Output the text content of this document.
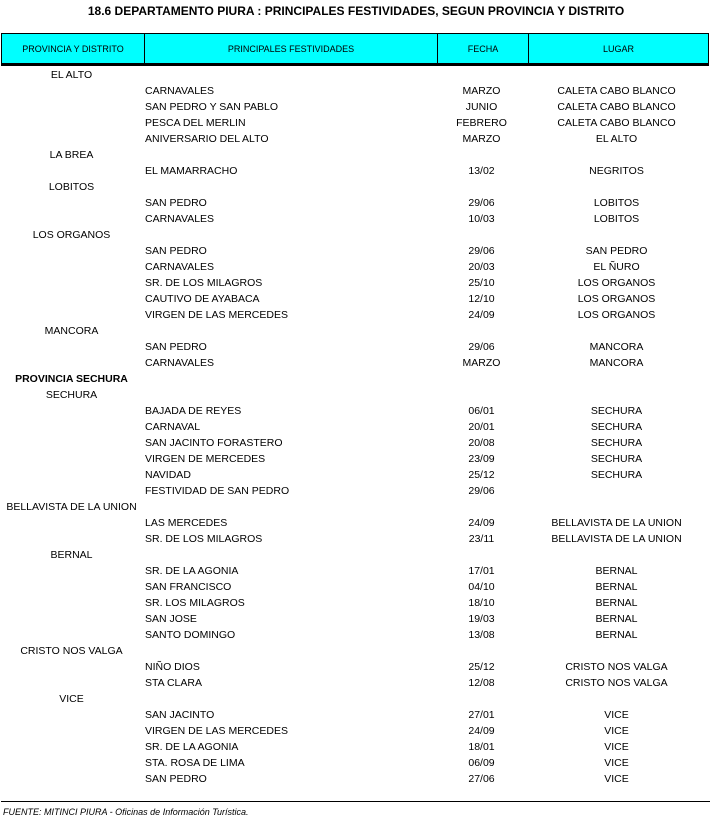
18.6 DEPARTAMENTO PIURA : PRINCIPALES FESTIVIDADES, SEGUN PROVINCIA Y DISTRITO
PROVINCIA Y DISTRITO	PRINCIPALES FESTIVIDADES	FECHA	LUGAR
EL ALTO
CARNAVALES	MARZO	CALETA CABO BLANCO
SAN PEDRO Y SAN PABLO	JUNIO	CALETA CABO BLANCO
PESCA DEL MERLIN	FEBRERO	CALETA CABO BLANCO
ANIVERSARIO DEL ALTO	MARZO	EL ALTO
LA BREA
EL MAMARRACHO	13/02	NEGRITOS
LOBITOS
SAN PEDRO	29/06	LOBITOS
CARNAVALES	10/03	LOBITOS
LOS ORGANOS
SAN PEDRO	29/06	SAN PEDRO
CARNAVALES	20/03	EL ÑURO
SR. DE LOS MILAGROS	25/10	LOS ORGANOS
CAUTIVO DE AYABACA	12/10	LOS ORGANOS
VIRGEN DE LAS MERCEDES	24/09	LOS ORGANOS
MANCORA
SAN PEDRO	29/06	MANCORA
CARNAVALES	MARZO	MANCORA
PROVINCIA SECHURA
SECHURA
BAJADA DE REYES	06/01	SECHURA
CARNAVAL	20/01	SECHURA
SAN JACINTO FORASTERO	20/08	SECHURA
VIRGEN DE MERCEDES	23/09	SECHURA
NAVIDAD	25/12	SECHURA
FESTIVIDAD DE SAN PEDRO	29/06
BELLAVISTA DE LA UNION
LAS MERCEDES	24/09	BELLAVISTA DE LA UNION
SR. DE LOS MILAGROS	23/11	BELLAVISTA DE LA UNION
BERNAL
SR. DE LA AGONIA	17/01	BERNAL
SAN FRANCISCO	04/10	BERNAL
SR. LOS MILAGROS	18/10	BERNAL
SAN JOSE	19/03	BERNAL
SANTO DOMINGO	13/08	BERNAL
CRISTO NOS VALGA
NIÑO DIOS	25/12	CRISTO NOS VALGA
STA CLARA	12/08	CRISTO NOS VALGA
VICE
SAN JACINTO	27/01	VICE
VIRGEN DE LAS MERCEDES	24/09	VICE
SR. DE LA AGONIA	18/01	VICE
STA. ROSA DE LIMA	06/09	VICE
SAN PEDRO	27/06	VICE
FUENTE: MITINCI PIURA - Oficinas de Información Turística.
